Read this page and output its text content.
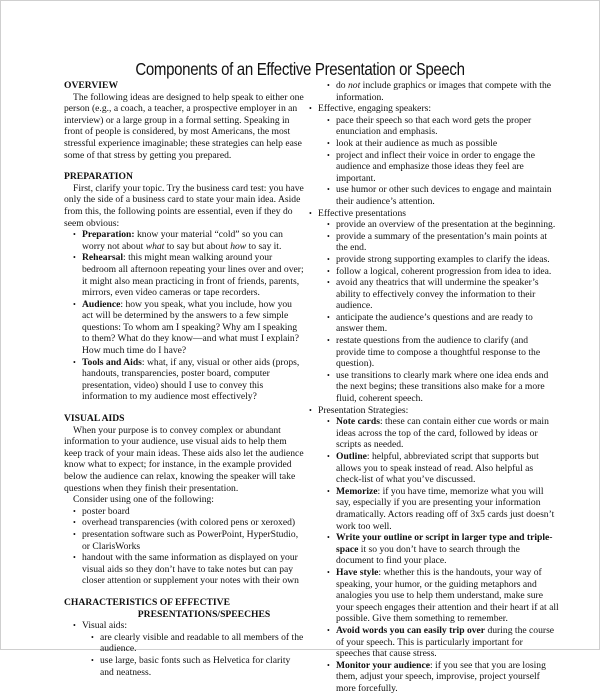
Components of an Effective Presentation or Speech

OVERVIEW

The following ideas are designed to help speak to either one person (e.g., a coach, a teacher, a prospective employer in an interview) or a large group in a formal setting. Speaking in front of people is considered, by most Americans, the most stressful experience imaginable; these strategies can help ease some of that stress by getting you prepared.

PREPARATION

First, clarify your topic. Try the business card test: you have only the side of a business card to state your main idea. Aside from this, the following points are essential, even if they do seem obvious:

• Preparation: know your material “cold” so you can worry not about what to say but about how to say it.
• Rehearsal: this might mean walking around your bedroom all afternoon repeating your lines over and over; it might also mean practicing in front of friends, parents, mirrors, even video cameras or tape recorders.
• Audience: how you speak, what you include, how you act will be determined by the answers to a few simple questions: To whom am I speaking? Why am I speaking to them? What do they know—and what must I explain? How much time do I have?
• Tools and Aids: what, if any, visual or other aids (props, handouts, transparencies, poster board, computer presentation, video) should I use to convey this information to my audience most effectively?

VISUAL AIDS

When your purpose is to convey complex or abundant information to your audience, use visual aids to help them keep track of your main ideas. These aids also let the audience know what to expect; for instance, in the example provided below the audience can relax, knowing the speaker will take questions when they finish their presentation.

Consider using one of the following:

• poster board
• overhead transparencies (with colored pens or xeroxed)
• presentation software such as PowerPoint, HyperStudio, or ClarisWorks
• handout with the same information as displayed on your visual aids so they don’t have to take notes but can pay closer attention or supplement your notes with their own

CHARACTERISTICS OF EFFECTIVE

PRESENTATIONS/SPEECHES

• Visual aids:
• are clearly visible and readable to all members of the audience.
• use large, basic fonts such as Helvetica for clarity and neatness.
• do not include graphics or images that compete with the information.
• Effective, engaging speakers:
• pace their speech so that each word gets the proper enunciation and emphasis.
• look at their audience as much as possible
• project and inflect their voice in order to engage the audience and emphasize those ideas they feel are important.
• use humor or other such devices to engage and maintain their audience’s attention.
• Effective presentations
• provide an overview of the presentation at the beginning.
• provide a summary of the presentation’s main points at the end.
• provide strong supporting examples to clarify the ideas.
• follow a logical, coherent progression from idea to idea.
• avoid any theatrics that will undermine the speaker’s ability to effectively convey the information to their audience.
• anticipate the audience’s questions and are ready to answer them.
• restate questions from the audience to clarify (and provide time to compose a thoughtful response to the question).
• use transitions to clearly mark where one idea ends and the next begins; these transitions also make for a more fluid, coherent speech.
• Presentation Strategies:
• Note cards: these can contain either cue words or main ideas across the top of the card, followed by ideas or scripts as needed.
• Outline: helpful, abbreviated script that supports but allows you to speak instead of read. Also helpful as check-list of what you’ve discussed.
• Memorize: if you have time, memorize what you will say, especially if you are presenting your information dramatically. Actors reading off of 3x5 cards just doesn’t work too well.
• Write your outline or script in larger type and triple-space it so you don’t have to search through the document to find your place.
• Have style: whether this is the handouts, your way of speaking, your humor, or the guiding metaphors and analogies you use to help them understand, make sure your speech engages their attention and their heart if at all possible. Give them something to remember.
• Avoid words you can easily trip over during the course of your speech. This is particularly important for speeches that cause stress.
• Monitor your audience: if you see that you are losing them, adjust your speech, improvise, project yourself more forcefully.
